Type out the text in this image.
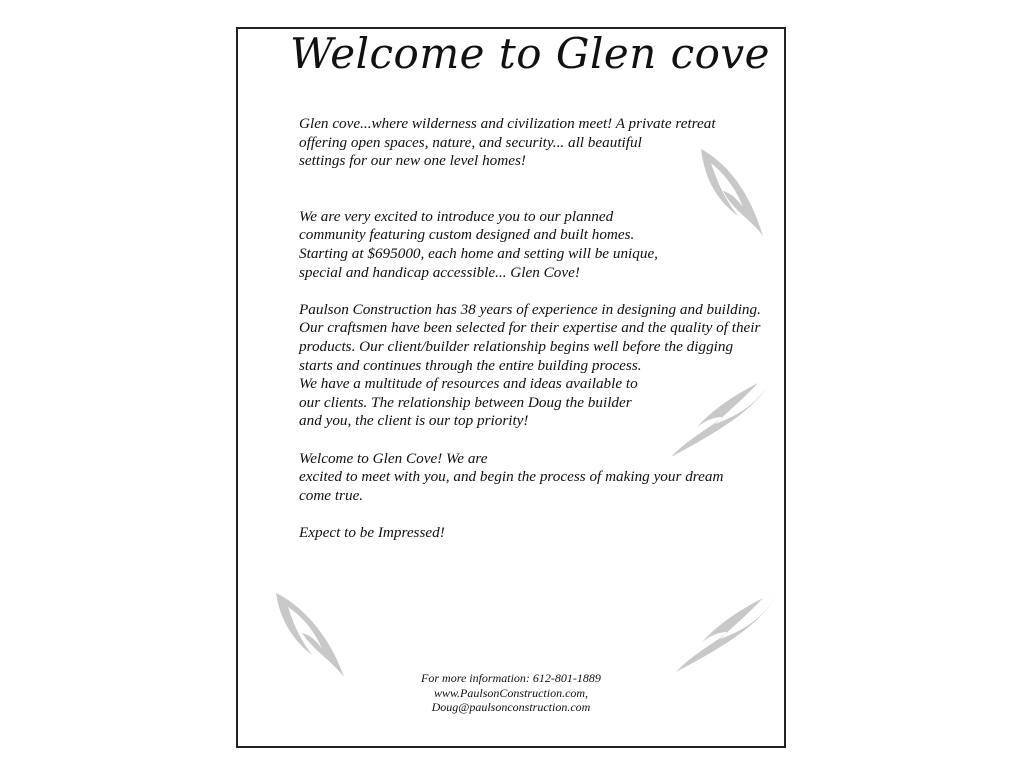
Welcome to Glen cove

Glen cove...where wilderness and civilization meet! A private retreat
offering open spaces, nature, and security... all beautiful
settings for our new one level homes!

We are very excited to introduce you to our planned
community featuring custom designed and built homes.
Starting at $695000, each home and setting will be unique,
special and handicap accessible... Glen Cove!

Paulson Construction has 38 years of experience in designing and building.
Our craftsmen have been selected for their expertise and the quality of their
products. Our client/builder relationship begins well before the digging
starts and continues through the entire building process.
We have a multitude of resources and ideas available to
our clients. The relationship between Doug the builder
and you, the client is our top priority!

Welcome to Glen Cove! We are
excited to meet with you, and begin the process of making your dream
come true.

Expect to be Impressed!

For more information: 612-801-1889
www.PaulsonConstruction.com,
Doug@paulsonconstruction.com
